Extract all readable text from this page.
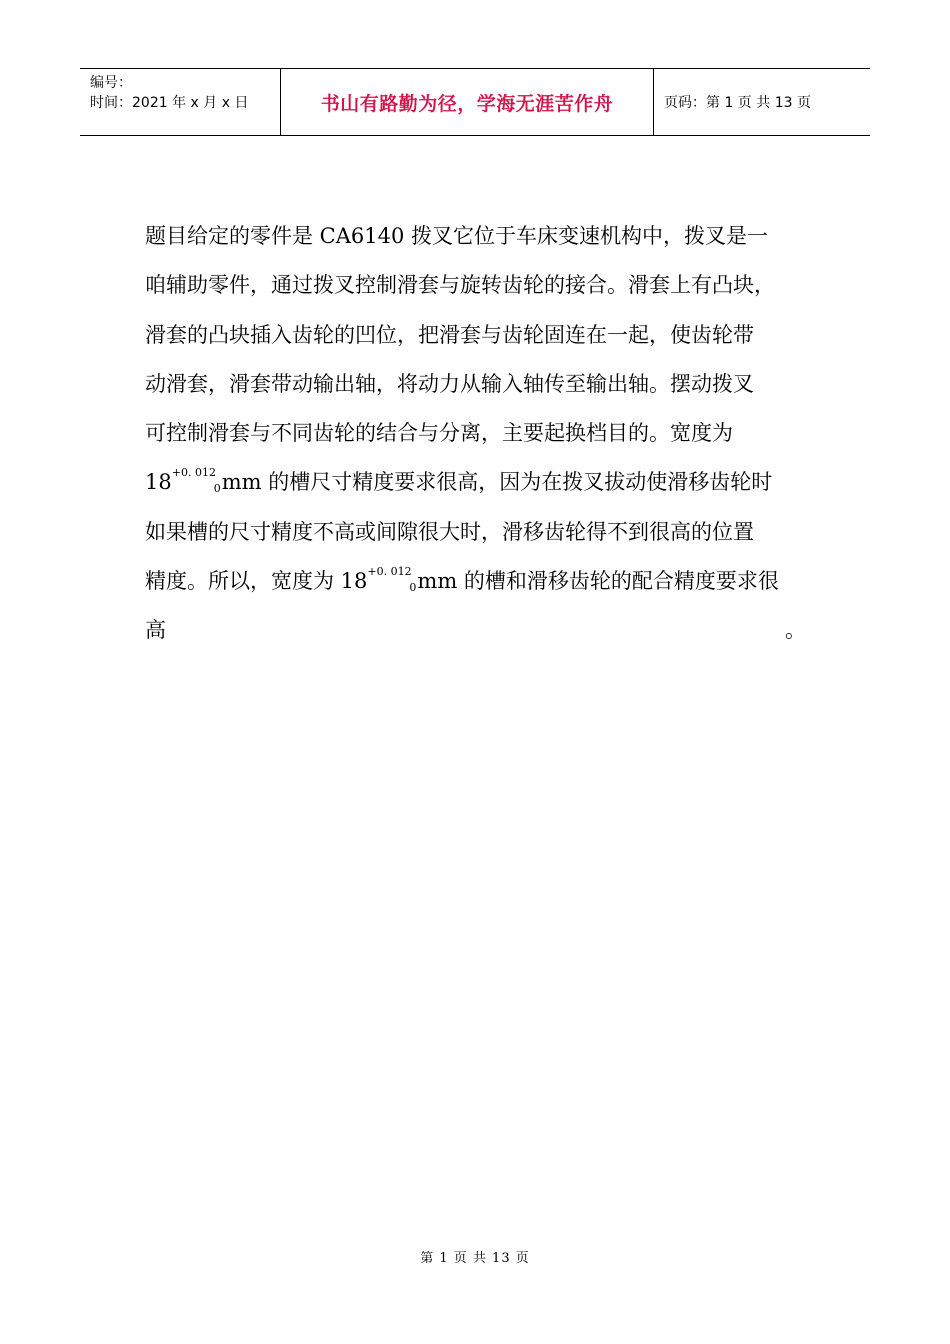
编号：
时间：2021 年 x 月 x 日	书山有路勤为径，学海无涯苦作舟	页码：第 1 页 共 13 页
题目给定的零件是 CA6140 拨叉它位于车床变速机构中，拨叉是一
咱辅助零件，通过拨叉控制滑套与旋转齿轮的接合。滑套上有凸块，
滑套的凸块插入齿轮的凹位，把滑套与齿轮固连在一起，使齿轮带
动滑套，滑套带动输出轴，将动力从输入轴传至输出轴。摆动拨叉
可控制滑套与不同齿轮的结合与分离，主要起换档目的。宽度为
18 +0. 012
0 mm 的槽尺寸精度要求很高，因为在拨叉拔动使滑移齿轮时
如果槽的尺寸精度不高或间隙很大时，滑移齿轮得不到很高的位置
精度。所以，宽度为 18 +0. 012
0 mm 的槽和滑移齿轮的配合精度要求很
高	。
第 1 页 共 13 页
